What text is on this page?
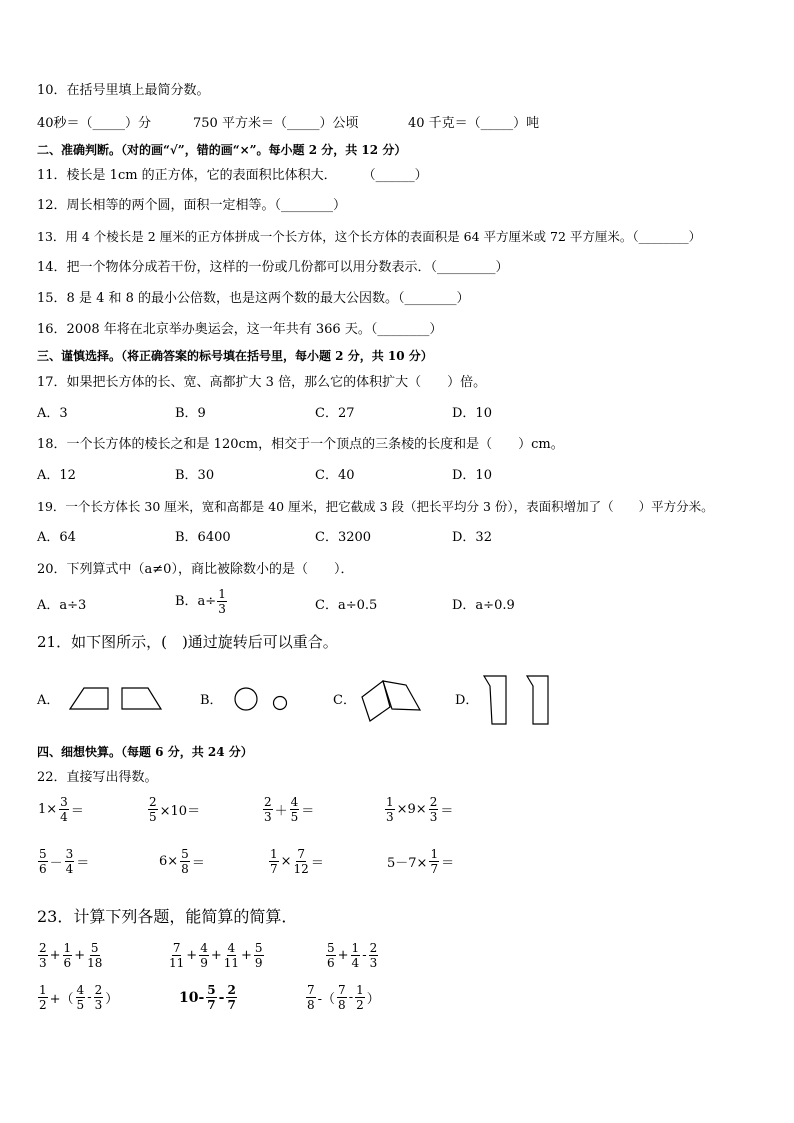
10．在括号里填上最简分数。
40秒＝（_____）分	750 平方米＝（_____）公顷	40 千克＝（_____）吨
二、准确判断。（对的画“√”，错的画“×”。每小题 2 分，共 12 分）
11．棱长是 1cm 的正方体，它的表面积比体积大．　　　（______）
12．周长相等的两个圆，面积一定相等。（________）
13．用 4 个棱长是 2 厘米的正方体拼成一个长方体，这个长方体的表面积是 64 平方厘米或 72 平方厘米。（________）
14．把一个物体分成若干份，这样的一份或几份都可以用分数表示．（_________）
15．8 是 4 和 8 的最小公倍数，也是这两个数的最大公因数。（________）
16．2008 年将在北京举办奥运会，这一年共有 366 天。（________）
三、谨慎选择。（将正确答案的标号填在括号里，每小题 2 分，共 10 分）
17．如果把长方体的长、宽、高都扩大 3 倍，那么它的体积扩大（　　）倍。
A．3	B．9	C．27	D．10
18．一个长方体的棱长之和是 120cm，相交于一个顶点的三条棱的长度和是（　　）cm。
A．12	B．30	C．40	D．10
19．一个长方体长 30 厘米，宽和高都是 40 厘米，把它截成 3 段（把长平均分 3 份），表面积增加了（　　）平方分米。
A．64	B．6400	C．3200	D．32
20．下列算式中（a≠0），商比被除数小的是（　　）．
A．a÷3	B．$a\div \frac{1}{3}$	C．a÷0.5	D．a÷0.9
21．如下图所示，(　)通过旋转后可以重合。
A．	B．	C．	D．
四、细想快算。（每题 6 分，共 24 分）
22．直接写出得数。
$1\times \frac{3}{4}$ ＝	$\frac{2}{5} \times 10=$	$\frac{2}{3} + \frac{4}{5}$ ＝	$\frac{1}{3} \times 9\times \frac{2}{3}$ ＝
$\frac{5}{6} - \frac{3}{4}$ ＝	$6\times \frac{5}{8}$ ＝	$\frac{1}{7} \times \frac{7}{12}$ ＝	$5-7\times \frac{1}{7}$ ＝
23．计算下列各题，能简算的简算．
$\frac{2}{3} + \frac{1}{6} + \frac{5}{18}$	$\frac{7}{11} + \frac{4}{9} + \frac{4}{11} + \frac{5}{9}$	$\frac{5}{6} + \frac{1}{4} - \frac{2}{3}$
$\frac{1}{2}$ +（ $\frac{4}{5} - \frac{2}{3}$ ）	$10- \frac{5}{7} - \frac{2}{7}$	$\frac{7}{8}$ -（ $\frac{7}{8} - \frac{1}{2}$ ）
